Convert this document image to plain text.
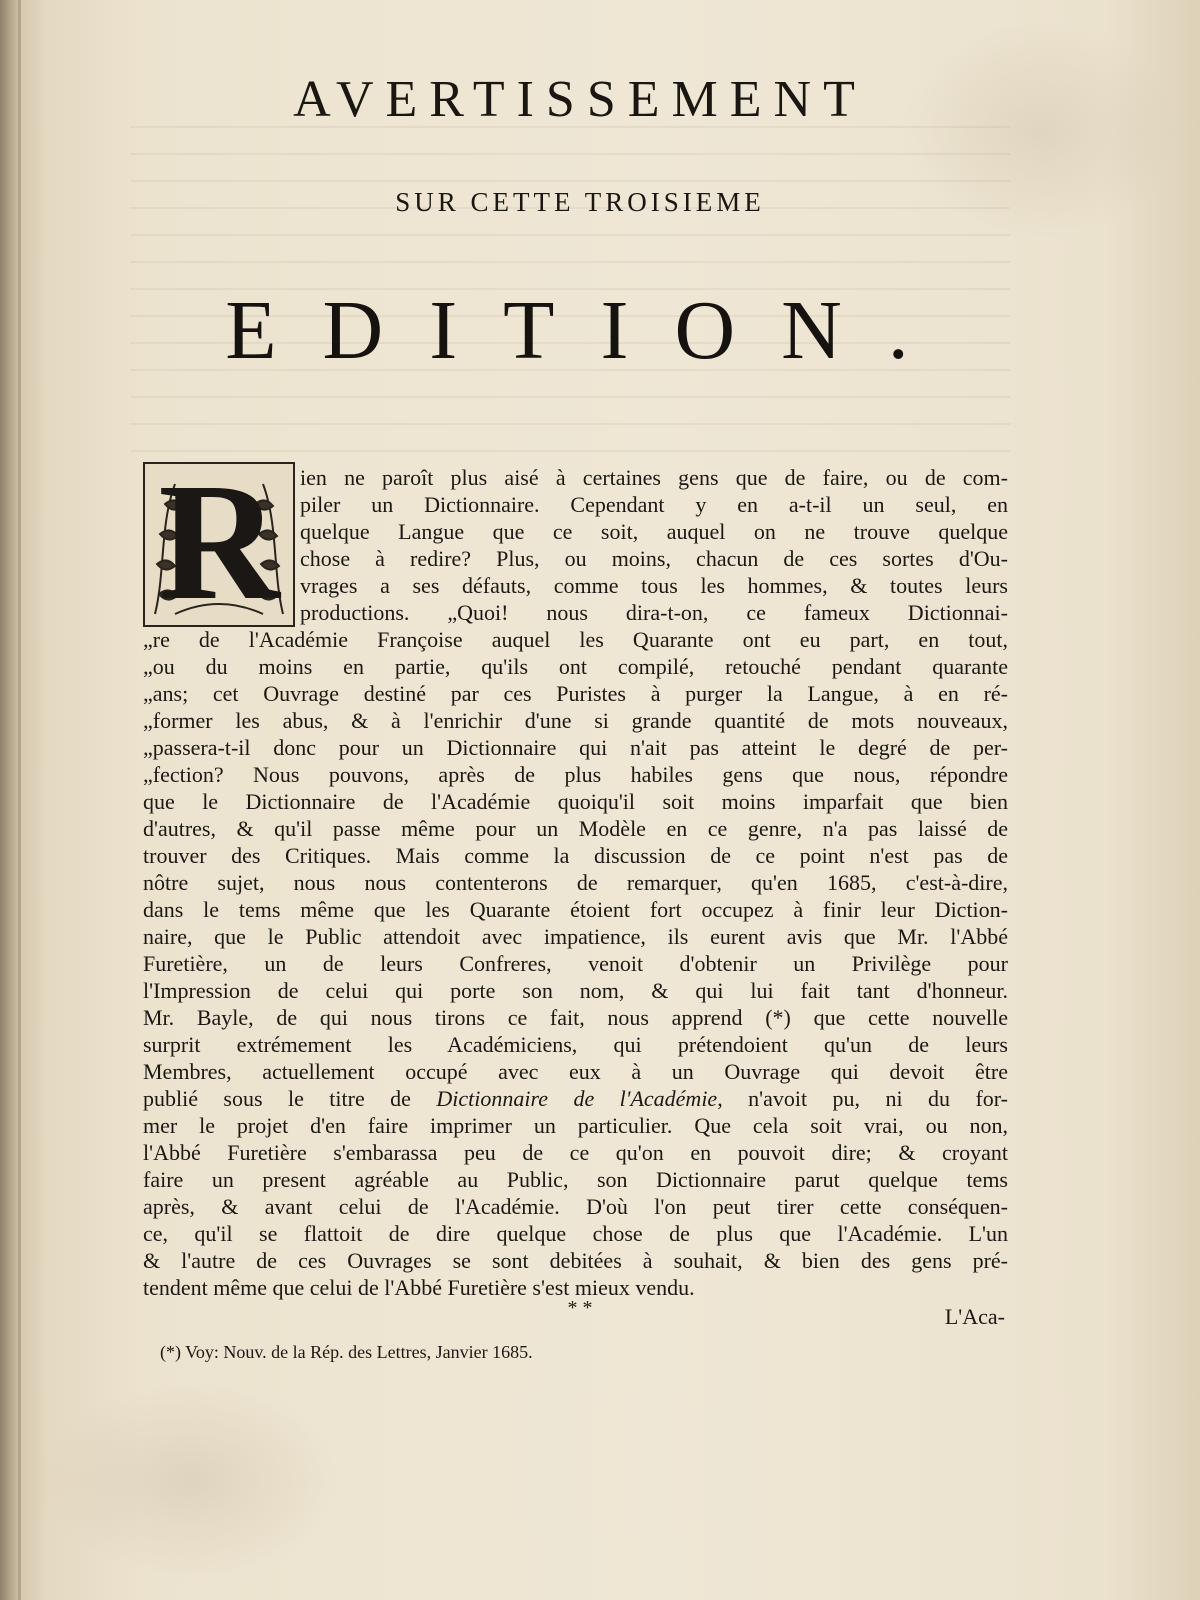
AVERTISSEMENT
SUR CETTE TROISIEME
EDITION.
R ien ne paroît plus aisé à certaines gens que de faire, ou de com-
piler un Dictionnaire. Cependant y en a-t-il un seul, en
quelque Langue que ce soit, auquel on ne trouve quelque
chose à redire? Plus, ou moins, chacun de ces sortes d'Ou-
vrages a ses défauts, comme tous les hommes, & toutes leurs
productions. „Quoi! nous dira-t-on, ce fameux Dictionnai-
„re de l'Académie Françoise auquel les Quarante ont eu part, en tout,
„ou du moins en partie, qu'ils ont compilé, retouché pendant quarante
„ans; cet Ouvrage destiné par ces Puristes à purger la Langue, à en ré-
„former les abus, & à l'enrichir d'une si grande quantité de mots nouveaux,
„passera-t-il donc pour un Dictionnaire qui n'ait pas atteint le degré de per-
„fection? Nous pouvons, après de plus habiles gens que nous, répondre
que le Dictionnaire de l'Académie quoiqu'il soit moins imparfait que bien
d'autres, & qu'il passe même pour un Modèle en ce genre, n'a pas laissé de
trouver des Critiques. Mais comme la discussion de ce point n'est pas de
nôtre sujet, nous nous contenterons de remarquer, qu'en 1685, c'est-à-dire,
dans le tems même que les Quarante étoient fort occupez à finir leur Diction-
naire, que le Public attendoit avec impatience, ils eurent avis que Mr. l'Abbé
Furetière, un de leurs Confreres, venoit d'obtenir un Privilège pour
l'Impression de celui qui porte son nom, & qui lui fait tant d'honneur.
Mr. Bayle, de qui nous tirons ce fait, nous apprend (*) que cette nouvelle
surprit extrémement les Académiciens, qui prétendoient qu'un de leurs
Membres, actuellement occupé avec eux à un Ouvrage qui devoit être
publié sous le titre de Dictionnaire de l'Académie, n'avoit pu, ni du for-
mer le projet d'en faire imprimer un particulier. Que cela soit vrai, ou non,
l'Abbé Furetière s'embarassa peu de ce qu'on en pouvoit dire; & croyant
faire un present agréable au Public, son Dictionnaire parut quelque tems
après, & avant celui de l'Académie. D'où l'on peut tirer cette conséquen-
ce, qu'il se flattoit de dire quelque chose de plus que l'Académie. L'un
& l'autre de ces Ouvrages se sont debitées à souhait, & bien des gens pré-
tendent même que celui de l'Abbé Furetière s'est mieux vendu.
* *	L'Aca-
(*) Voy: Nouv. de la Rép. des Lettres, Janvier 1685.
